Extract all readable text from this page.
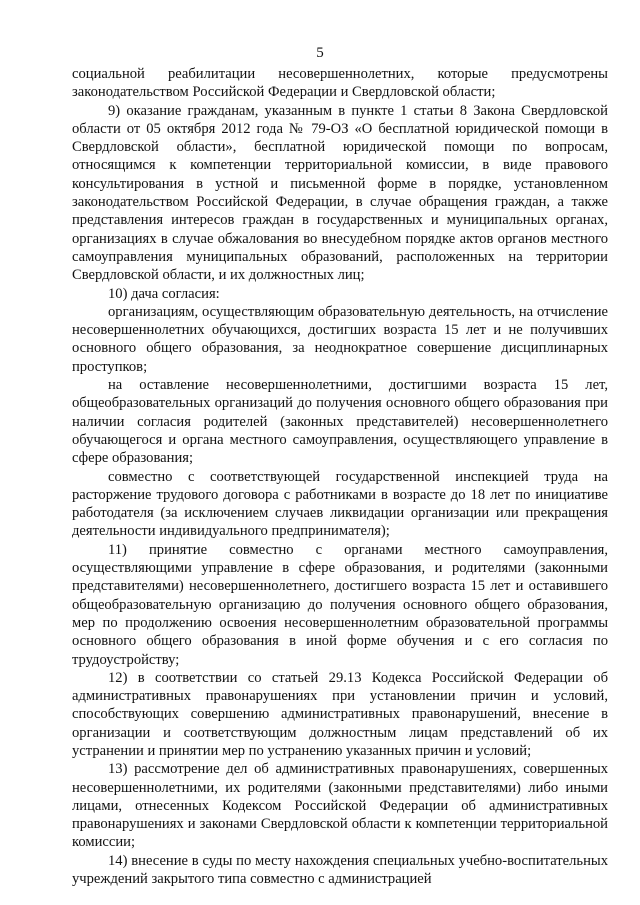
5

социальной реабилитации несовершеннолетних, которые предусмотрены законодательством Российской Федерации и Свердловской области;

9) оказание гражданам, указанным в пункте 1 статьи 8 Закона Свердловской области от 05 октября 2012 года № 79-ОЗ «О бесплатной юридической помощи в Свердловской области», бесплатной юридической помощи по вопросам, относящимся к компетенции территориальной комиссии, в виде правового консультирования в устной и письменной форме в порядке, установленном законодательством Российской Федерации, в случае обращения граждан, а также представления интересов граждан в государственных и муниципальных органах, организациях в случае обжалования во внесудебном порядке актов органов местного самоуправления муниципальных образований, расположенных на территории Свердловской области, и их должностных лиц;

10) дача согласия:

организациям, осуществляющим образовательную деятельность, на отчисление несовершеннолетних обучающихся, достигших возраста 15 лет и не получивших основного общего образования, за неоднократное совершение дисциплинарных проступков;

на оставление несовершеннолетними, достигшими возраста 15 лет, общеобразовательных организаций до получения основного общего образования при наличии согласия родителей (законных представителей) несовершеннолетнего обучающегося и органа местного самоуправления, осуществляющего управление в сфере образования;

совместно с соответствующей государственной инспекцией труда на расторжение трудового договора с работниками в возрасте до 18 лет по инициативе работодателя (за исключением случаев ликвидации организации или прекращения деятельности индивидуального предпринимателя);

11) принятие совместно с органами местного самоуправления, осуществляющими управление в сфере образования, и родителями (законными представителями) несовершеннолетнего, достигшего возраста 15 лет и оставившего общеобразовательную организацию до получения основного общего образования, мер по продолжению освоения несовершеннолетним образовательной программы основного общего образования в иной форме обучения и с его согласия по трудоустройству;

12) в соответствии со статьей 29.13 Кодекса Российской Федерации об административных правонарушениях при установлении причин и условий, способствующих совершению административных правонарушений, внесение в организации и соответствующим должностным лицам представлений об их устранении и принятии мер по устранению указанных причин и условий;

13) рассмотрение дел об административных правонарушениях, совершенных несовершеннолетними, их родителями (законными представителями) либо иными лицами, отнесенных Кодексом Российской Федерации об административных правонарушениях и законами Свердловской области к компетенции территориальной комиссии;

14) внесение в суды по месту нахождения специальных учебно-воспитательных учреждений закрытого типа совместно с администрацией
